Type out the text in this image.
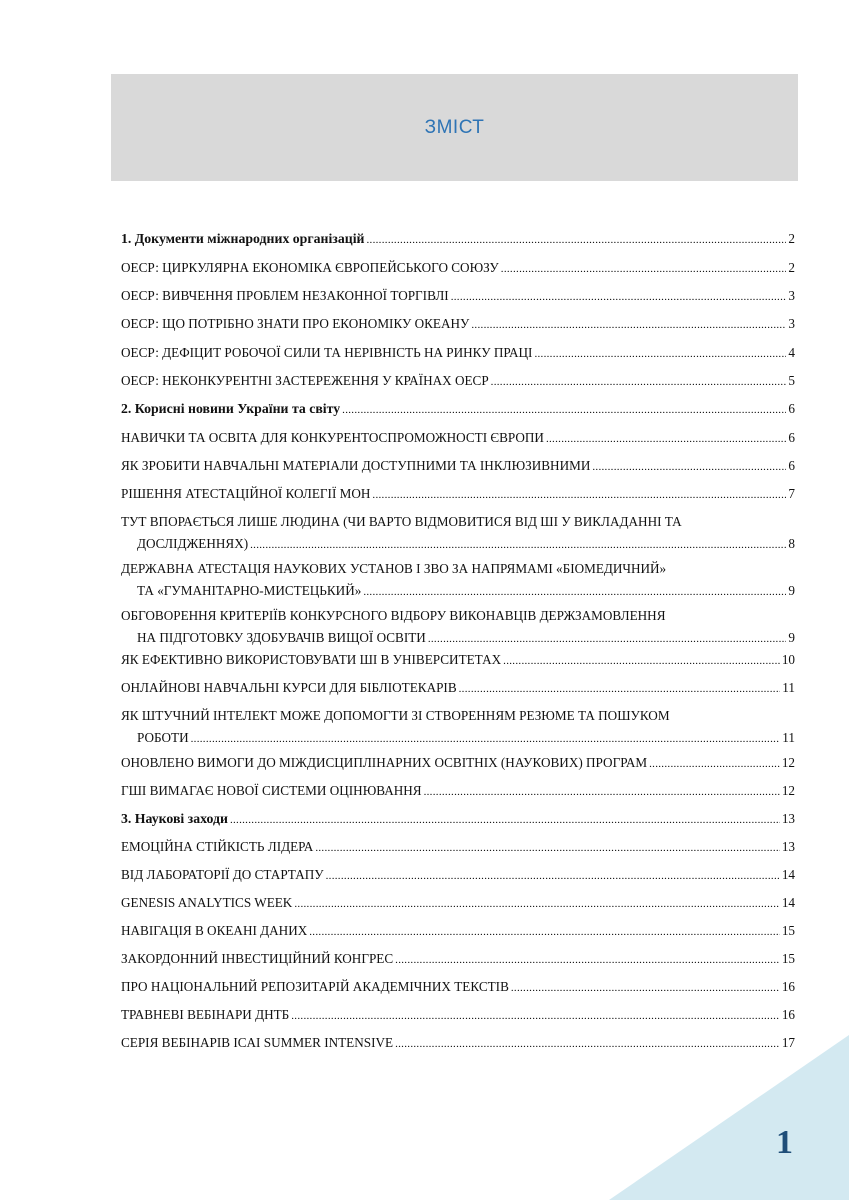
ЗМІСТ
1. Документи міжнародних організацій .....	2
ОЕСР: ЦИРКУЛЯРНА ЕКОНОМІКА ЄВРОПЕЙСЬКОГО СОЮЗУ .....	2
ОЕСР: ВИВЧЕННЯ ПРОБЛЕМ НЕЗАКОННОЇ ТОРГІВЛІ .....	3
ОЕСР: ЩО ПОТРІБНО ЗНАТИ ПРО ЕКОНОМІКУ ОКЕАНУ .....	3
ОЕСР: ДЕФІЦИТ РОБОЧОЇ СИЛИ ТА НЕРІВНІСТЬ НА РИНКУ ПРАЦІ .....	4
ОЕСР: НЕКОНКУРЕНТНІ ЗАСТЕРЕЖЕННЯ У КРАЇНАХ ОЕСР .....	5
2. Корисні новини України та світу .....	6
НАВИЧКИ ТА ОСВІТА ДЛЯ КОНКУРЕНТОСПРОМОЖНОСТІ ЄВРОПИ .....	6
ЯК ЗРОБИТИ НАВЧАЛЬНІ МАТЕРІАЛИ ДОСТУПНИМИ ТА ІНКЛЮЗИВНИМИ .....	6
РІШЕННЯ АТЕСТАЦІЙНОЇ КОЛЕГІЇ МОН .....	7
ТУТ ВПОРАЄТЬСЯ ЛИШЕ ЛЮДИНА (ЧИ ВАРТО ВІДМОВИТИСЯ ВІД ШІ У ВИКЛАДАННІ ТА
ДОСЛІДЖЕННЯХ) .....	8
ДЕРЖАВНА АТЕСТАЦІЯ НАУКОВИХ УСТАНОВ І ЗВО ЗА НАПРЯМАМІ «БІОМЕДИЧНИЙ»
ТА «ГУМАНІТАРНО-МИСТЕЦЬКИЙ» .....	9
ОБГОВОРЕННЯ КРИТЕРІЇВ КОНКУРСНОГО ВІДБОРУ ВИКОНАВЦІВ ДЕРЖЗАМОВЛЕННЯ
НА ПІДГОТОВКУ ЗДОБУВАЧІВ ВИЩОЇ ОСВІТИ .....	9
ЯК ЕФЕКТИВНО ВИКОРИСТОВУВАТИ ШІ В УНІВЕРСИТЕТАХ .....	10
ОНЛАЙНОВІ НАВЧАЛЬНІ КУРСИ ДЛЯ БІБЛІОТЕКАРІВ .....	11
ЯК ШТУЧНИЙ ІНТЕЛЕКТ МОЖЕ ДОПОМОГТИ ЗІ СТВОРЕННЯМ РЕЗЮМЕ ТА ПОШУКОМ
РОБОТИ .....	11
ОНОВЛЕНО ВИМОГИ ДО МІЖДИСЦИПЛІНАРНИХ ОСВІТНІХ (НАУКОВИХ) ПРОГРАМ .....	12
ГШІ ВИМАГАЄ НОВОЇ СИСТЕМИ ОЦІНЮВАННЯ .....	12
3. Наукові заходи .....	13
ЕМОЦІЙНА СТІЙКІСТЬ ЛІДЕРА .....	13
ВІД ЛАБОРАТОРІЇ ДО СТАРТАПУ .....	14
GENESIS ANALYTICS WEEK .....	14
НАВІГАЦІЯ В ОКЕАНІ ДАНИХ .....	15
ЗАКОРДОННИЙ ІНВЕСТИЦІЙНИЙ КОНГРЕС .....	15
ПРО НАЦІОНАЛЬНИЙ РЕПОЗИТАРІЙ АКАДЕМІЧНИХ ТЕКСТІВ .....	16
ТРАВНЕВІ ВЕБІНАРИ ДНТБ .....	16
СЕРІЯ ВЕБІНАРІВ ICAI SUMMER INTENSIVE .....	17
1
